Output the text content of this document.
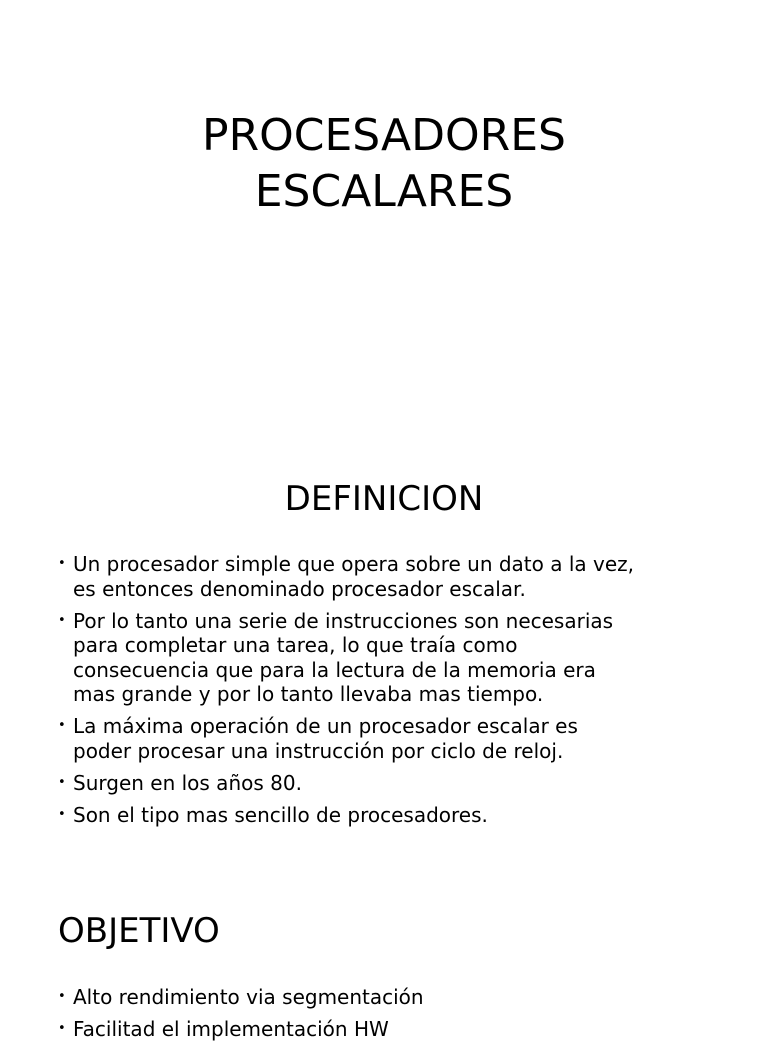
PROCESADORES
ESCALARES
DEFINICION
• Un procesador simple que opera sobre un dato a la vez,
es entonces denominado procesador escalar.
• Por lo tanto una serie de instrucciones son necesarias
para completar una tarea, lo que traía como
consecuencia que para la lectura de la memoria era
mas grande y por lo tanto llevaba mas tiempo.
• La máxima operación de un procesador escalar es
poder procesar una instrucción por ciclo de reloj.
• Surgen en los años 80.
• Son el tipo mas sencillo de procesadores.
OBJETIVO
• Alto rendimiento via segmentación
• Facilitad el implementación HW
